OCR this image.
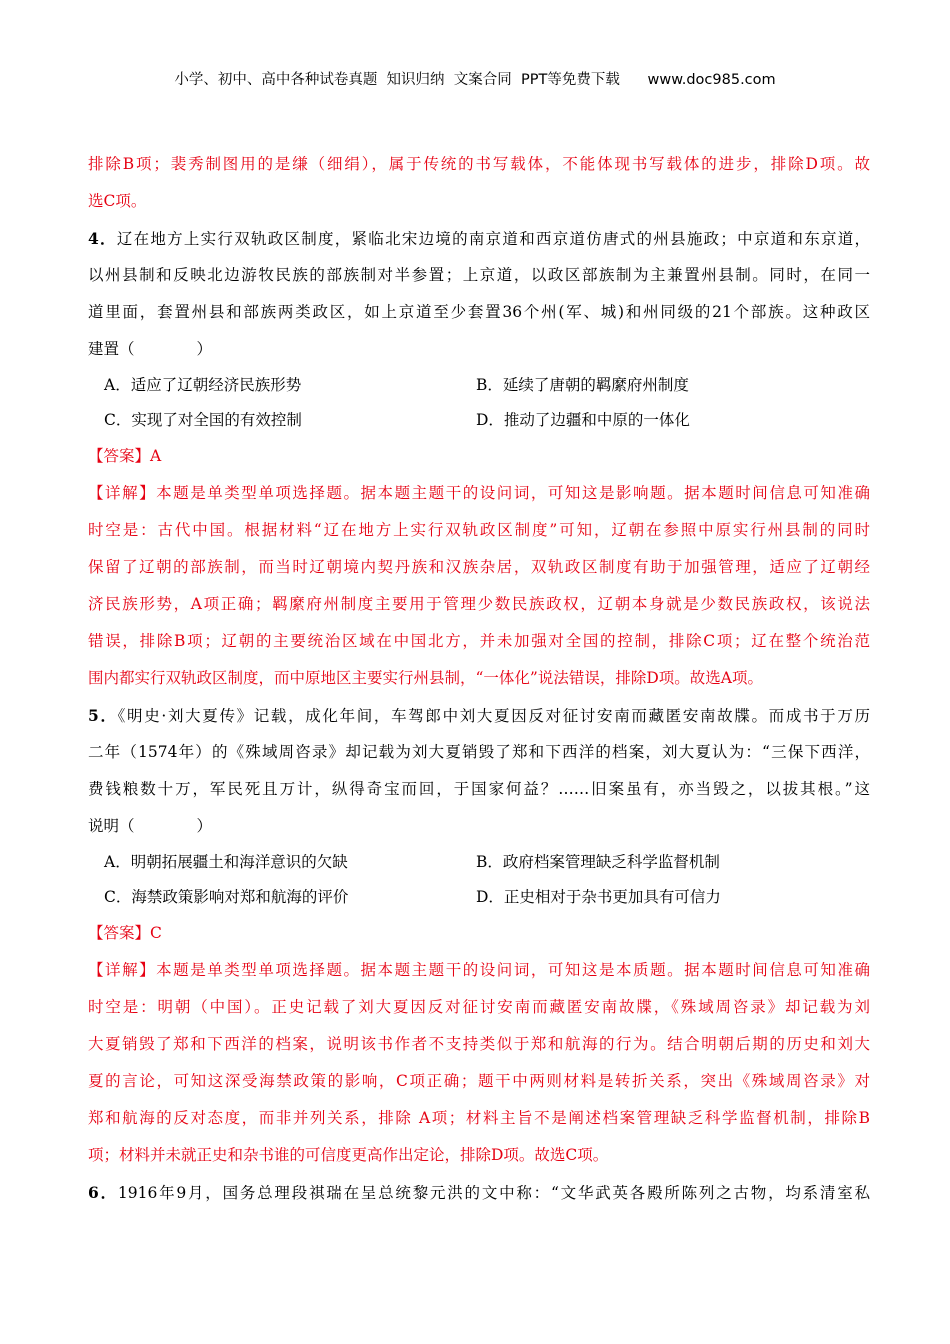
小学、初中、高中各种试卷真题  知识归纳  文案合同  PPT等免费下载      www.doc985.com
排除B项；裴秀制图用的是缣（细绢），属于传统的书写载体，不能体现书写载体的进步，排除D项。故
选C项。
4．辽在地方上实行双轨政区制度，紧临北宋边境的南京道和西京道仿唐式的州县施政；中京道和东京道，
以州县制和反映北边游牧民族的部族制对半参置；上京道，以政区部族制为主兼置州县制。同时，在同一
道里面，套置州县和部族两类政区，如上京道至少套置36个州(军、城)和州同级的21个部族。这种政区
建置（　　　　）
A．适应了辽朝经济民族形势	B．延续了唐朝的羁縻府州制度
C．实现了对全国的有效控制	D．推动了边疆和中原的一体化
【答案】A
【详解】本题是单类型单项选择题。据本题主题干的设问词，可知这是影响题。据本题时间信息可知准确
时空是：古代中国。根据材料“辽在地方上实行双轨政区制度”可知，辽朝在参照中原实行州县制的同时
保留了辽朝的部族制，而当时辽朝境内契丹族和汉族杂居，双轨政区制度有助于加强管理，适应了辽朝经
济民族形势，A项正确；羁縻府州制度主要用于管理少数民族政权，辽朝本身就是少数民族政权，该说法
错误，排除B项；辽朝的主要统治区域在中国北方，并未加强对全国的控制，排除C项；辽在整个统治范
围内都实行双轨政区制度，而中原地区主要实行州县制，“一体化”说法错误，排除D项。故选A项。
5．《明史·刘大夏传》记载，成化年间，车驾郎中刘大夏因反对征讨安南而藏匿安南故牒。而成书于万历
二年（1574年）的《殊域周咨录》却记载为刘大夏销毁了郑和下西洋的档案，刘大夏认为：“三保下西洋，
费钱粮数十万，军民死且万计，纵得奇宝而回，于国家何益？……旧案虽有，亦当毁之，以拔其根。”这
说明（　　　　）
A．明朝拓展疆土和海洋意识的欠缺	B．政府档案管理缺乏科学监督机制
C．海禁政策影响对郑和航海的评价	D．正史相对于杂书更加具有可信力
【答案】C
【详解】本题是单类型单项选择题。据本题主题干的设问词，可知这是本质题。据本题时间信息可知准确
时空是：明朝（中国）。正史记载了刘大夏因反对征讨安南而藏匿安南故牒，《殊域周咨录》却记载为刘
大夏销毁了郑和下西洋的档案，说明该书作者不支持类似于郑和航海的行为。结合明朝后期的历史和刘大
夏的言论，可知这深受海禁政策的影响，C项正确；题干中两则材料是转折关系，突出《殊域周咨录》对
郑和航海的反对态度，而非并列关系，排除 A项；材料主旨不是阐述档案管理缺乏科学监督机制，排除B
项；材料并未就正史和杂书谁的可信度更高作出定论，排除D项。故选C项。
6．1916年9月，国务总理段祺瑞在呈总统黎元洪的文中称：“文华武英各殿所陈列之古物，均系清室私
